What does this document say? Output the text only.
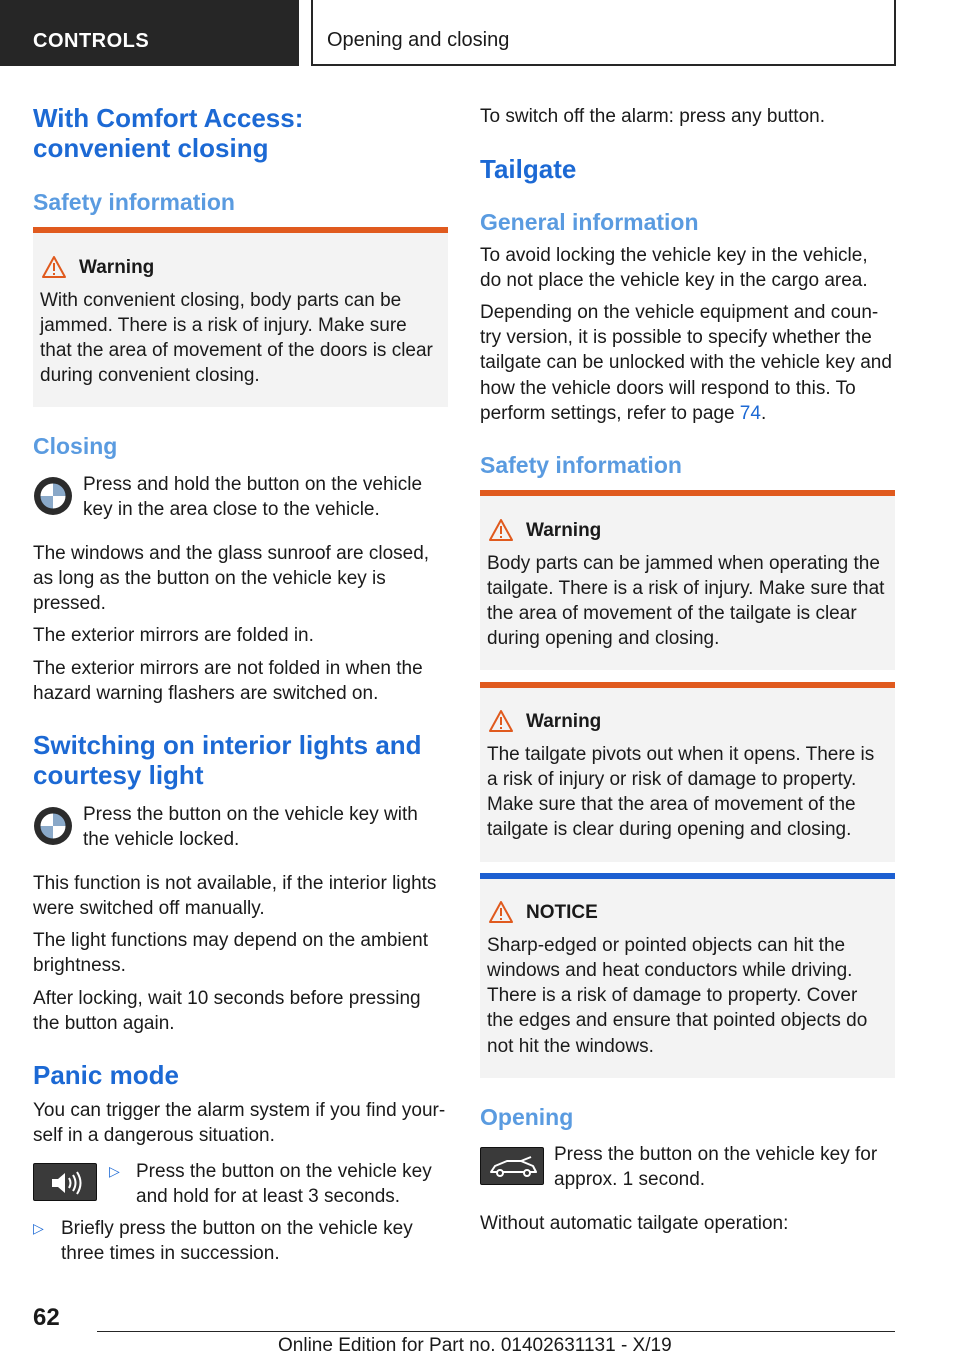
CONTROLS	Opening and closing
With Comfort Access:
convenient closing
Safety information
Warning

With convenient closing, body parts can be

jammed. There is a risk of injury. Make sure

that the area of movement of the doors is clear

during convenient closing.

Closing

Press and hold the button on the vehicle

key in the area close to the vehicle.

The windows and the glass sunroof are closed,

as long as the button on the vehicle key is

pressed.

The exterior mirrors are folded in.

The exterior mirrors are not folded in when the

hazard warning flashers are switched on.

Switching on interior lights and
courtesy light

Press the button on the vehicle key with

the vehicle locked.

This function is not available, if the interior lights

were switched off manually.

The light functions may depend on the ambient

brightness.

After locking, wait 10 seconds before pressing

the button again.

Panic mode

You can trigger the alarm system if you find your-

self in a dangerous situation.

▷ Press the button on the vehicle key

and hold for at least 3 seconds.

▷ Briefly press the button on the vehicle key

three times in succession.

To switch off the alarm: press any button.

Tailgate
General information

To avoid locking the vehicle key in the vehicle,

do not place the vehicle key in the cargo area.

Depending on the vehicle equipment and coun-

try version, it is possible to specify whether the

tailgate can be unlocked with the vehicle key and

how the vehicle doors will respond to this. To

perform settings, refer to page 74.

Safety information
Warning

Body parts can be jammed when operating the

tailgate. There is a risk of injury. Make sure that

the area of movement of the tailgate is clear

during opening and closing.

Warning

The tailgate pivots out when it opens. There is

a risk of injury or risk of damage to property.

Make sure that the area of movement of the

tailgate is clear during opening and closing.

NOTICE

Sharp-edged or pointed objects can hit the

windows and heat conductors while driving.

There is a risk of damage to property. Cover

the edges and ensure that pointed objects do

not hit the windows.

Opening

Press the button on the vehicle key for

approx. 1 second.

Without automatic tailgate operation:

62
Online Edition for Part no. 01402631131 - X/19
